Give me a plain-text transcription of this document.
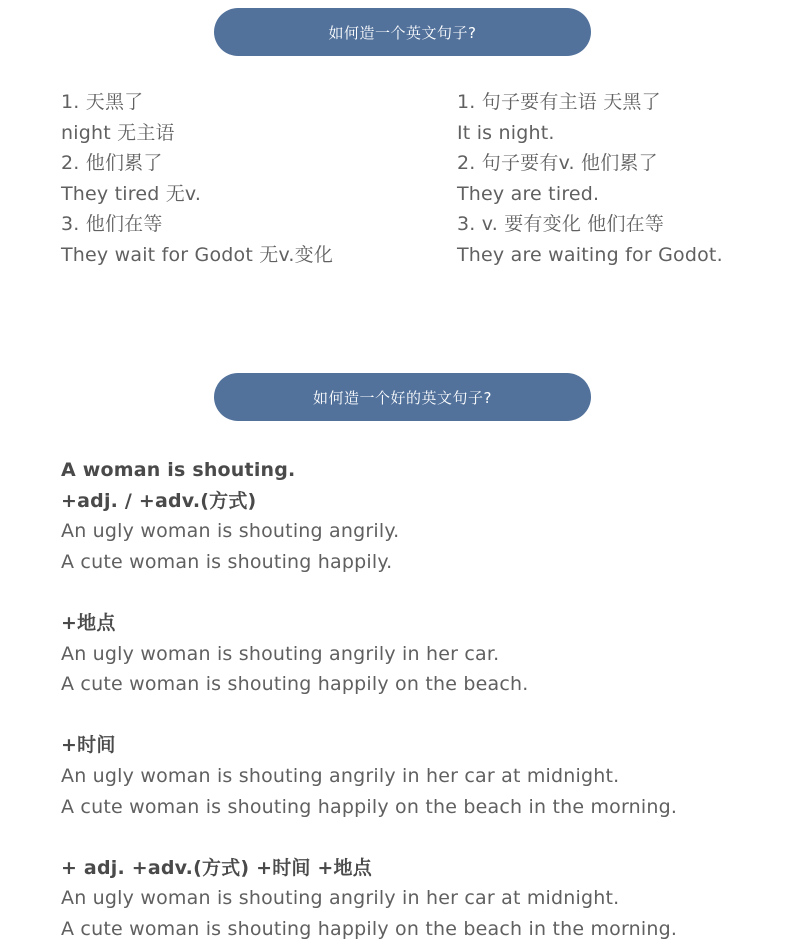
如何造一个英文句子?
1. 天黑了
night 无主语
2. 他们累了
They tired 无v.
3. 他们在等
They wait for Godot 无v.变化
1. 句子要有主语 天黑了
It is night.
2. 句子要有v. 他们累了
They are tired.
3. v. 要有变化 他们在等
They are waiting for Godot.
如何造一个好的英文句子?
A woman is shouting.
+adj. / +adv.(方式)
An ugly woman is shouting angrily.
A cute woman is shouting happily.
+地点
An ugly woman is shouting angrily in her car.
A cute woman is shouting happily on the beach.
+时间
An ugly woman is shouting angrily in her car at midnight.
A cute woman is shouting happily on the beach in the morning.
+ adj. +adv.(方式) +时间 +地点
An ugly woman is shouting angrily in her car at midnight.
A cute woman is shouting happily on the beach in the morning.
